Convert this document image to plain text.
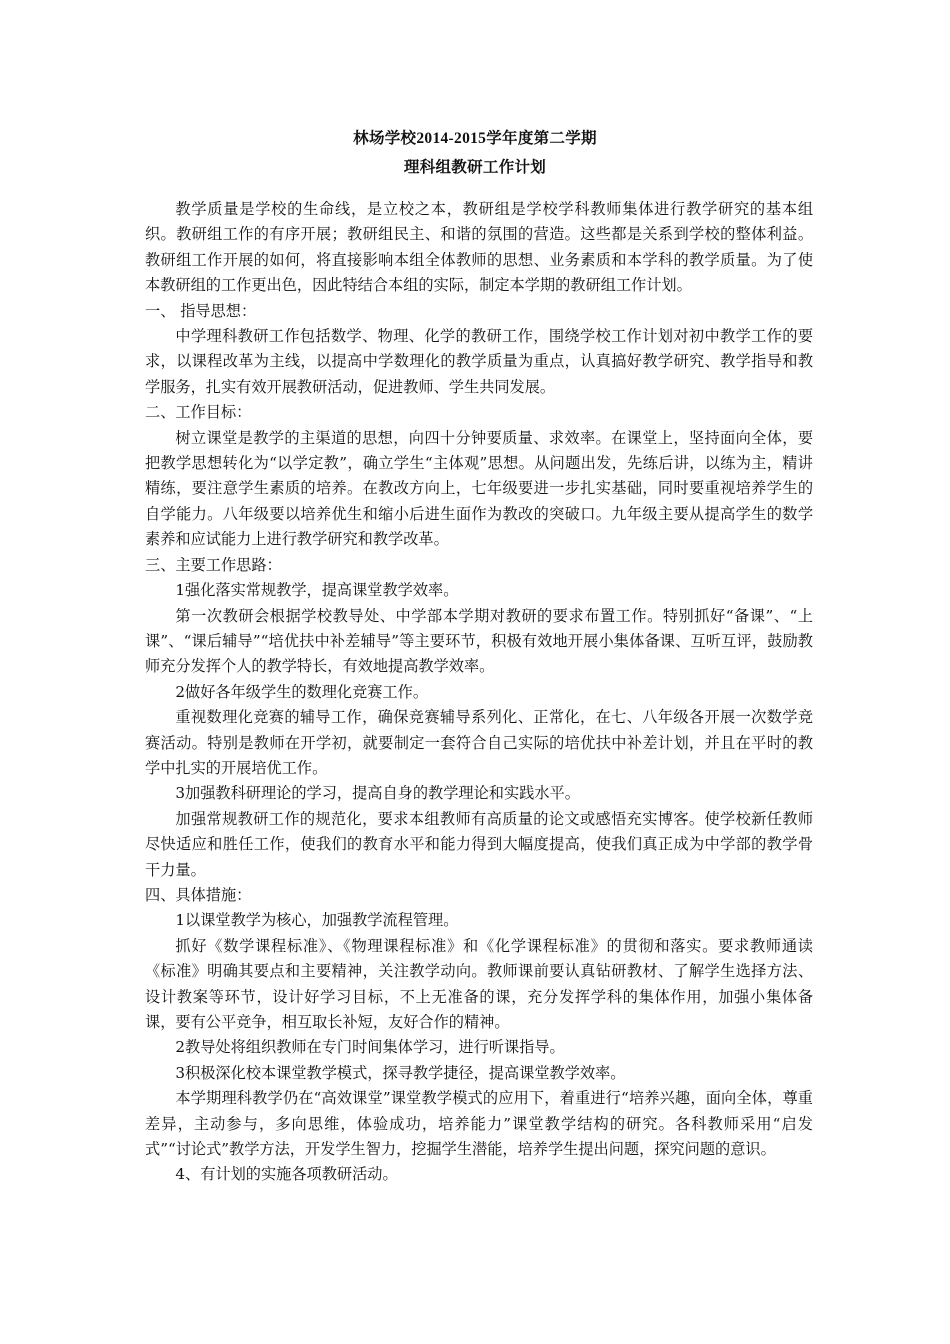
林场学校2014-2015学年度第二学期
理科组教研工作计划

教学质量是学校的生命线，是立校之本，教研组是学校学科教师集体进行教学研究的基本组织。教研组工作的有序开展；教研组民主、和谐的氛围的营造。这些都是关系到学校的整体利益。教研组工作开展的如何，将直接影响本组全体教师的思想、业务素质和本学科的教学质量。为了使本教研组的工作更出色，因此特结合本组的实际，制定本学期的教研组工作计划。

一、 指导思想：

中学理科教研工作包括数学、物理、化学的教研工作，围绕学校工作计划对初中教学工作的要求，以课程改革为主线，以提高中学数理化的教学质量为重点，认真搞好教学研究、教学指导和教学服务，扎实有效开展教研活动，促进教师、学生共同发展。

二、工作目标：

树立课堂是教学的主渠道的思想，向四十分钟要质量、求效率。在课堂上，坚持面向全体，要把教学思想转化为“以学定教”，确立学生“主体观”思想。从问题出发，先练后讲，以练为主，精讲精练，要注意学生素质的培养。在教改方向上，七年级要进一步扎实基础，同时要重视培养学生的自学能力。八年级要以培养优生和缩小后进生面作为教改的突破口。九年级主要从提高学生的数学素养和应试能力上进行教学研究和教学改革。

三、主要工作思路：

1强化落实常规教学，提高课堂教学效率。

第一次教研会根据学校教导处、中学部本学期对教研的要求布置工作。特别抓好“备课”、“上课”、“课后辅导”“培优扶中补差辅导”等主要环节，积极有效地开展小集体备课、互听互评，鼓励教师充分发挥个人的教学特长，有效地提高教学效率。

2做好各年级学生的数理化竞赛工作。

重视数理化竞赛的辅导工作，确保竞赛辅导系列化、正常化，在七、八年级各开展一次数学竞赛活动。特别是教师在开学初，就要制定一套符合自己实际的培优扶中补差计划，并且在平时的教学中扎实的开展培优工作。

3加强教科研理论的学习，提高自身的教学理论和实践水平。

加强常规教研工作的规范化，要求本组教师有高质量的论文或感悟充实博客。使学校新任教师尽快适应和胜任工作，使我们的教育水平和能力得到大幅度提高，使我们真正成为中学部的教学骨干力量。

四、具体措施：

1以课堂教学为核心，加强教学流程管理。

抓好《数学课程标准》、《物理课程标准》和《化学课程标准》的贯彻和落实。要求教师通读《标准》明确其要点和主要精神，关注教学动向。教师课前要认真钻研教材、了解学生选择方法、设计教案等环节，设计好学习目标，不上无准备的课，充分发挥学科的集体作用，加强小集体备课，要有公平竞争，相互取长补短，友好合作的精神。

2教导处将组织教师在专门时间集体学习，进行听课指导。

3积极深化校本课堂教学模式，探寻教学捷径，提高课堂教学效率。

本学期理科教学仍在“高效课堂”课堂教学模式的应用下，着重进行“培养兴趣，面向全体，尊重差异，主动参与，多向思维，体验成功，培养能力”课堂教学结构的研究。各科教师采用“启发式”“讨论式”教学方法，开发学生智力，挖掘学生潜能，培养学生提出问题，探究问题的意识。

4、有计划的实施各项教研活动。
